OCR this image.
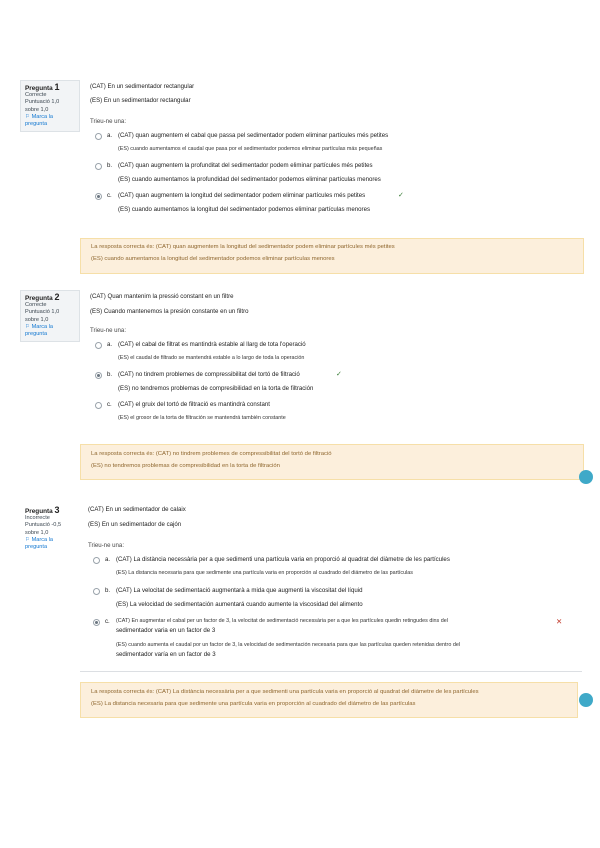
Pregunta 1
Correcte
Puntuació 1,0
sobre 1,0
⚐ Marca la pregunta
(CAT) En un sedimentador rectangular
(ES) En un sedimentador rectangular
Trieu-ne una:
a. (CAT) quan augmentem el cabal que passa pel sedimentador podem eliminar partícules més petites
(ES) cuando aumentamos el caudal que pasa por el sedimentador podemos eliminar partículas más pequeñas
b. (CAT) quan augmentem la profunditat del sedimentador podem eliminar partícules més petites
(ES) cuando aumentamos la profundidad del sedimentador podemos eliminar partículas menores
c. (CAT) quan augmentem la longitud del sedimentador podem eliminar partícules més petites	✓
(ES) cuando aumentamos la longitud del sedimentador podemos eliminar partículas menores
La resposta correcta és: (CAT) quan augmentem la longitud del sedimentador podem eliminar partícules més petites
(ES) cuando aumentamos la longitud del sedimentador podemos eliminar partículas menores
Pregunta 2
Correcte
Puntuació 1,0
sobre 1,0
⚐ Marca la pregunta
(CAT) Quan mantenim la pressió constant en un filtre
(ES) Cuando mantenemos la presión constante en un filtro
Trieu-ne una:
a. (CAT) el cabal de filtrat es mantindrà estable al llarg de tota l'operació
(ES) el caudal de filtrado se mantendrá estable a lo largo de toda la operación
b. (CAT) no tindrem problemes de compressibilitat del tortó de filtració	✓
(ES) no tendremos problemas de compresibilidad en la torta de filtración
c. (CAT) el gruix del tortó de filtració es mantindrà constant
(ES) el grosor de la torta de filtración se mantendrá también constante
La resposta correcta és: (CAT) no tindrem problemes de compressibilitat del tortó de filtració
(ES) no tendremos problemas de compresibilidad en la torta de filtración
Pregunta 3
Incorrecte
Puntuació -0,5
sobre 1,0
⚐ Marca la pregunta
(CAT) En un sedimentador de calaix
(ES) En un sedimentador de cajón
Trieu-ne una:
a. (CAT) La distància necessària per a que sedimenti una partícula varia en proporció al quadrat del diàmetre de les partícules
(ES) La distancia necesaria para que sedimente una partícula varia en proporción al cuadrado del diámetro de las partículas
b. (CAT) La velocitat de sedimentació augmentarà a mida que augmenti la viscositat del líquid
(ES) La velocidad de sedimentación aumentará cuando aumente la viscosidad del alimento
c. (CAT) En augmentar el cabal per un factor de 3, la velocitat de sedimentació necessària per a que les partícules quedin retingudes dins del
sedimentador varia en un factor de 3
✕
(ES) cuando aumenta el caudal por un factor de 3, la velocidad de sedimentación necesaria para que las partículas queden retenidas dentro del
sedimentador varía en un factor de 3
La resposta correcta és: (CAT) La distància necessària per a que sedimenti una partícula varia en proporció al quadrat del diàmetre de les partícules
(ES) La distancia necesaria para que sedimente una partícula varia en proporción al cuadrado del diámetro de las partículas
